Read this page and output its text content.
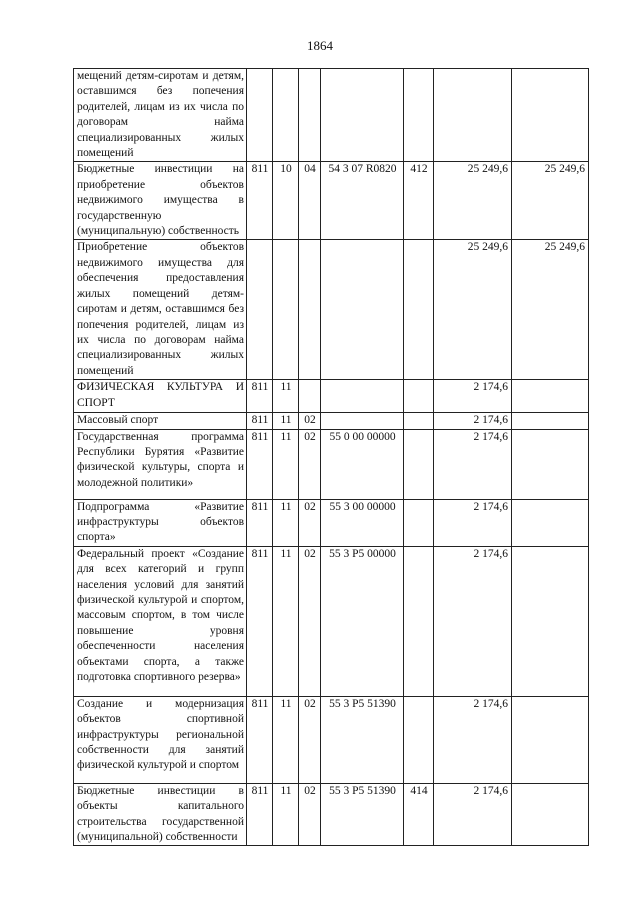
1864
мещений детям-сиротам и детям, оставшимся без попечения родителей, лицам из их числа по договорам найма специализированных жилых помещений							
Бюджетные инвестиции на приобретение объектов недвижимого имущества в государственную (муниципальную) собственность	811	10	04	54 3 07 R0820	412	25 249,6	25 249,6
Приобретение объектов недвижимого имущества для обеспечения предоставления жилых помещений детям-сиротам и детям, оставшимся без попечения родителей, лицам из их числа по договорам найма специализированных жилых помещений						25 249,6	25 249,6
ФИЗИЧЕСКАЯ КУЛЬТУРА И СПОРТ	811	11				2 174,6	
Массовый спорт	811	11	02			2 174,6	
Государственная программа Республики Бурятия «Развитие физической культуры, спорта и молодежной политики»	811	11	02	55 0 00 00000		2 174,6	
Подпрограмма «Развитие инфраструктуры объектов спорта»	811	11	02	55 3 00 00000		2 174,6	
Федеральный проект «Создание для всех категорий и групп населения условий для занятий физической культурой и спортом, массовым спортом, в том числе повышение уровня обеспеченности населения объектами спорта, а также подготовка спортивного резерва»	811	11	02	55 3 P5 00000		2 174,6	
Создание и модернизация объектов спортивной инфраструктуры региональной собственности для занятий физической культурой и спортом	811	11	02	55 3 P5 51390		2 174,6	
Бюджетные инвестиции в объекты капитального строительства государственной (муниципальной) собственности	811	11	02	55 3 P5 51390	414	2 174,6	
